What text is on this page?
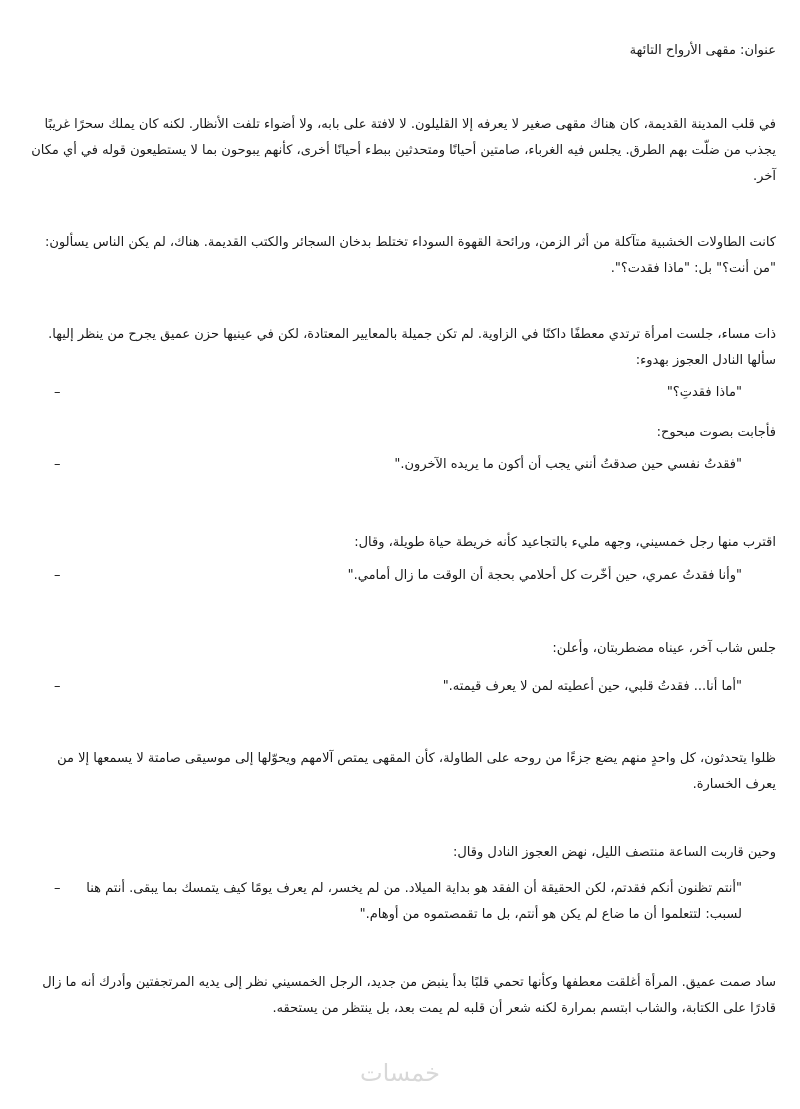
عنوان: مقهى الأرواح التائهة
في قلب المدينة القديمة، كان هناك مقهى صغير لا يعرفه إلا القليلون. لا لافتة على بابه، ولا أضواء تلفت الأنظار. لكنه كان يملك سحرًا غريبًا يجذب من ضلّت بهم الطرق. يجلس فيه الغرباء، صامتين أحيانًا ومتحدثين ببطء أحيانًا أخرى، كأنهم يبوحون بما لا يستطيعون قوله في أي مكان آخر.
كانت الطاولات الخشبية متآكلة من أثر الزمن، ورائحة القهوة السوداء تختلط بدخان السجائر والكتب القديمة. هناك، لم يكن الناس يسألون: "من أنت؟" بل: "ماذا فقدت؟".
ذات مساء، جلست امرأة ترتدي معطفًا داكنًا في الزاوية. لم تكن جميلة بالمعايير المعتادة، لكن في عينيها حزن عميق يجرح من ينظر إليها. سألها النادل العجوز بهدوء:
–	"ماذا فقدتِ؟"
فأجابت بصوت مبحوح:
–	"فقدتُ نفسي حين صدقتُ أنني يجب أن أكون ما يريده الآخرون."
اقترب منها رجل خمسيني، وجهه مليء بالتجاعيد كأنه خريطة حياة طويلة، وقال:
–	"وأنا فقدتُ عمري، حين أخّرت كل أحلامي بحجة أن الوقت ما زال أمامي."
جلس شاب آخر، عيناه مضطربتان، وأعلن:
–	"أما أنا... فقدتُ قلبي، حين أعطيته لمن لا يعرف قيمته."
ظلوا يتحدثون، كل واحدٍ منهم يضع جزءًا من روحه على الطاولة، كأن المقهى يمتص آلامهم ويحوّلها إلى موسيقى صامتة لا يسمعها إلا من يعرف الخسارة.
وحين قاربت الساعة منتصف الليل، نهض العجوز النادل وقال:
–	"أنتم تظنون أنكم فقدتم، لكن الحقيقة أن الفقد هو بداية الميلاد. من لم يخسر، لم يعرف يومًا كيف يتمسك بما يبقى. أنتم هنا لسبب: لتتعلموا أن ما ضاع لم يكن هو أنتم، بل ما تقمصتموه من أوهام."
ساد صمت عميق. المرأة أغلقت معطفها وكأنها تحمي قلبًا بدأ ينبض من جديد، الرجل الخمسيني نظر إلى يديه المرتجفتين وأدرك أنه ما زال قادرًا على الكتابة، والشاب ابتسم بمرارة لكنه شعر أن قلبه لم يمت بعد، بل ينتظر من يستحقه.
خمسات
